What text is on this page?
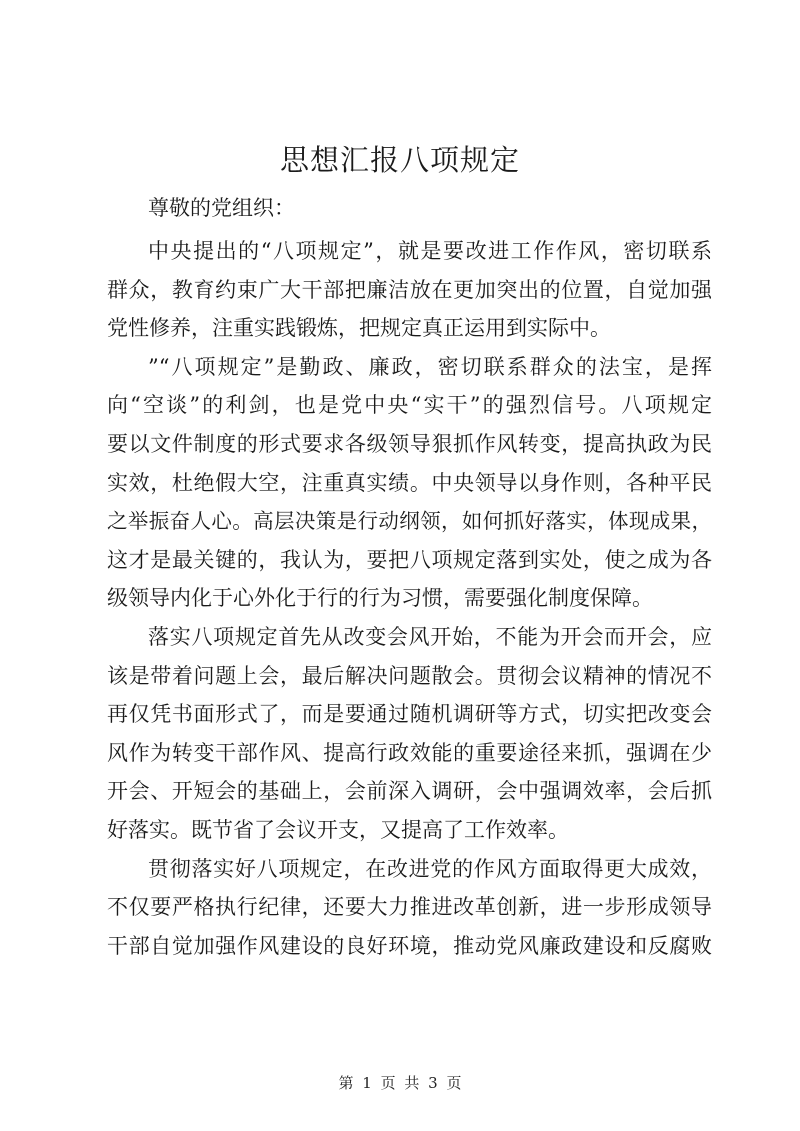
思想汇报八项规定
尊敬的党组织：
中央提出的“八项规定”，就是要改进工作作风，密切联系
群众，教育约束广大干部把廉洁放在更加突出的位置，自觉加强
党性修养，注重实践锻炼，把规定真正运用到实际中。
”“八项规定”是勤政、廉政，密切联系群众的法宝，是挥
向“空谈”的利剑，也是党中央“实干”的强烈信号。八项规定
要以文件制度的形式要求各级领导狠抓作风转变，提高执政为民
实效，杜绝假大空，注重真实绩。中央领导以身作则，各种平民
之举振奋人心。高层决策是行动纲领，如何抓好落实，体现成果，
这才是最关键的，我认为，要把八项规定落到实处，使之成为各
级领导内化于心外化于行的行为习惯，需要强化制度保障。
落实八项规定首先从改变会风开始，不能为开会而开会，应
该是带着问题上会，最后解决问题散会。贯彻会议精神的情况不
再仅凭书面形式了，而是要通过随机调研等方式，切实把改变会
风作为转变干部作风、提高行政效能的重要途径来抓，强调在少
开会、开短会的基础上，会前深入调研，会中强调效率，会后抓
好落实。既节省了会议开支，又提高了工作效率。
贯彻落实好八项规定，在改进党的作风方面取得更大成效，
不仅要严格执行纪律，还要大力推进改革创新，进一步形成领导
干部自觉加强作风建设的良好环境，推动党风廉政建设和反腐败
第 1 页 共 3 页
